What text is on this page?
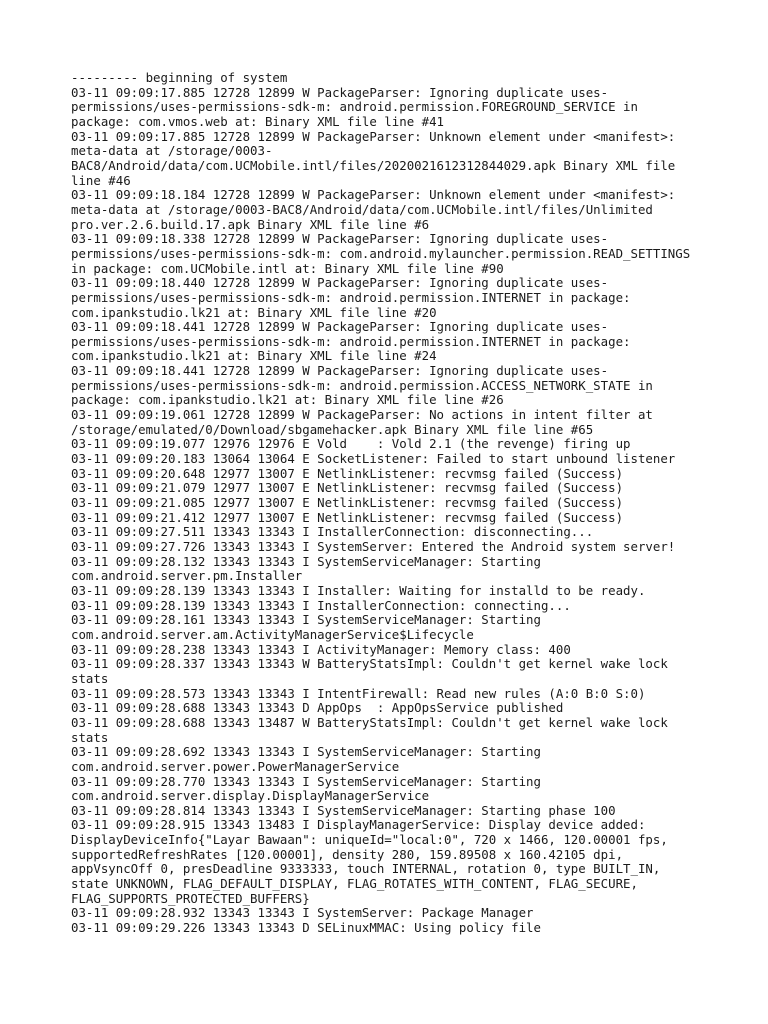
--------- beginning of system
03-11 09:09:17.885 12728 12899 W PackageParser: Ignoring duplicate uses-
permissions/uses-permissions-sdk-m: android.permission.FOREGROUND_SERVICE in
package: com.vmos.web at: Binary XML file line #41
03-11 09:09:17.885 12728 12899 W PackageParser: Unknown element under <manifest>:
meta-data at /storage/0003-
BAC8/Android/data/com.UCMobile.intl/files/2020021612312844029.apk Binary XML file
line #46
03-11 09:09:18.184 12728 12899 W PackageParser: Unknown element under <manifest>:
meta-data at /storage/0003-BAC8/Android/data/com.UCMobile.intl/files/Unlimited
pro.ver.2.6.build.17.apk Binary XML file line #6
03-11 09:09:18.338 12728 12899 W PackageParser: Ignoring duplicate uses-
permissions/uses-permissions-sdk-m: com.android.mylauncher.permission.READ_SETTINGS
in package: com.UCMobile.intl at: Binary XML file line #90
03-11 09:09:18.440 12728 12899 W PackageParser: Ignoring duplicate uses-
permissions/uses-permissions-sdk-m: android.permission.INTERNET in package:
com.ipankstudio.lk21 at: Binary XML file line #20
03-11 09:09:18.441 12728 12899 W PackageParser: Ignoring duplicate uses-
permissions/uses-permissions-sdk-m: android.permission.INTERNET in package:
com.ipankstudio.lk21 at: Binary XML file line #24
03-11 09:09:18.441 12728 12899 W PackageParser: Ignoring duplicate uses-
permissions/uses-permissions-sdk-m: android.permission.ACCESS_NETWORK_STATE in
package: com.ipankstudio.lk21 at: Binary XML file line #26
03-11 09:09:19.061 12728 12899 W PackageParser: No actions in intent filter at
/storage/emulated/0/Download/sbgamehacker.apk Binary XML file line #65
03-11 09:09:19.077 12976 12976 E Vold    : Vold 2.1 (the revenge) firing up
03-11 09:09:20.183 13064 13064 E SocketListener: Failed to start unbound listener
03-11 09:09:20.648 12977 13007 E NetlinkListener: recvmsg failed (Success)
03-11 09:09:21.079 12977 13007 E NetlinkListener: recvmsg failed (Success)
03-11 09:09:21.085 12977 13007 E NetlinkListener: recvmsg failed (Success)
03-11 09:09:21.412 12977 13007 E NetlinkListener: recvmsg failed (Success)
03-11 09:09:27.511 13343 13343 I InstallerConnection: disconnecting...
03-11 09:09:27.726 13343 13343 I SystemServer: Entered the Android system server!
03-11 09:09:28.132 13343 13343 I SystemServiceManager: Starting
com.android.server.pm.Installer
03-11 09:09:28.139 13343 13343 I Installer: Waiting for installd to be ready.
03-11 09:09:28.139 13343 13343 I InstallerConnection: connecting...
03-11 09:09:28.161 13343 13343 I SystemServiceManager: Starting
com.android.server.am.ActivityManagerService$Lifecycle
03-11 09:09:28.238 13343 13343 I ActivityManager: Memory class: 400
03-11 09:09:28.337 13343 13343 W BatteryStatsImpl: Couldn't get kernel wake lock
stats
03-11 09:09:28.573 13343 13343 I IntentFirewall: Read new rules (A:0 B:0 S:0)
03-11 09:09:28.688 13343 13343 D AppOps  : AppOpsService published
03-11 09:09:28.688 13343 13487 W BatteryStatsImpl: Couldn't get kernel wake lock
stats
03-11 09:09:28.692 13343 13343 I SystemServiceManager: Starting
com.android.server.power.PowerManagerService
03-11 09:09:28.770 13343 13343 I SystemServiceManager: Starting
com.android.server.display.DisplayManagerService
03-11 09:09:28.814 13343 13343 I SystemServiceManager: Starting phase 100
03-11 09:09:28.915 13343 13483 I DisplayManagerService: Display device added:
DisplayDeviceInfo{"Layar Bawaan": uniqueId="local:0", 720 x 1466, 120.00001 fps,
supportedRefreshRates [120.00001], density 280, 159.89508 x 160.42105 dpi,
appVsyncOff 0, presDeadline 9333333, touch INTERNAL, rotation 0, type BUILT_IN,
state UNKNOWN, FLAG_DEFAULT_DISPLAY, FLAG_ROTATES_WITH_CONTENT, FLAG_SECURE,
FLAG_SUPPORTS_PROTECTED_BUFFERS}
03-11 09:09:28.932 13343 13343 I SystemServer: Package Manager
03-11 09:09:29.226 13343 13343 D SELinuxMMAC: Using policy file
